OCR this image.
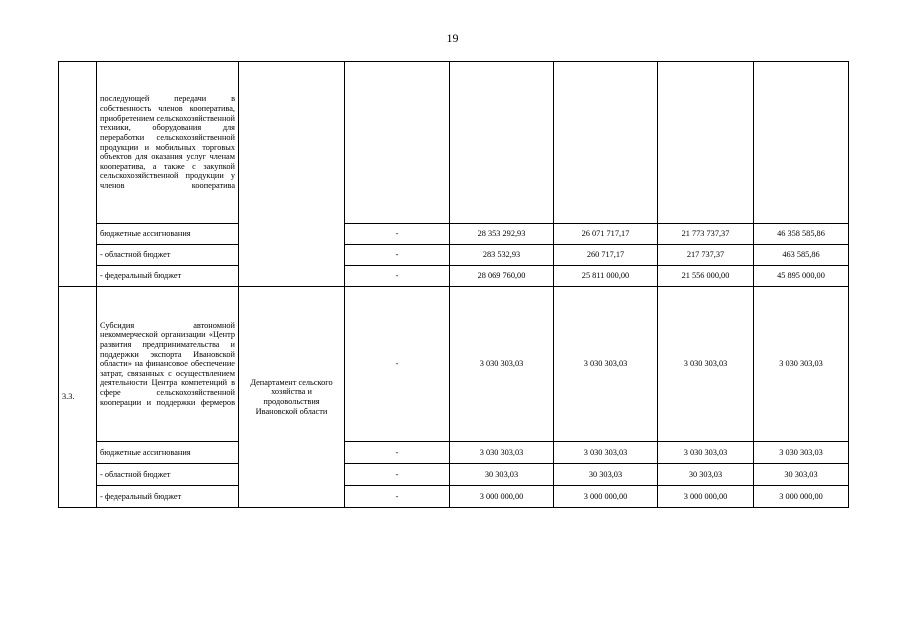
19
	последующей передачи в собственность членов кооператива, приобретением сельскохозяйственной техники, оборудования для переработки сельскохозяйственной продукции и мобильных торговых объектов для оказания услуг членам кооператива, а также с закупкой сельскохозяйственной продукции у членов кооператива						
	бюджетные ассигнования		-	28 353 292,93	26 071 717,17	21 773 737,37	46 358 585,86
	- областной бюджет		-	283 532,93	260 717,17	217 737,37	463 585,86
	- федеральный бюджет		-	28 069 760,00	25 811 000,00	21 556 000,00	45 895 000,00
3.3.	Субсидия автономной некоммерческой организации «Центр развития предпринимательства и поддержки экспорта Ивановской области» на финансовое обеспечение затрат, связанных с осуществлением деятельности Центра компетенций в сфере сельскохозяйственной кооперации и поддержки фермеров	Департамент сельского хозяйства и продовольствия Ивановской области	-	3 030 303,03	3 030 303,03	3 030 303,03	3 030 303,03
	бюджетные ассигнования		-	3 030 303,03	3 030 303,03	3 030 303,03	3 030 303,03
	- областной бюджет		-	30 303,03	30 303,03	30 303,03	30 303,03
	- федеральный бюджет		-	3 000 000,00	3 000 000,00	3 000 000,00	3 000 000,00
